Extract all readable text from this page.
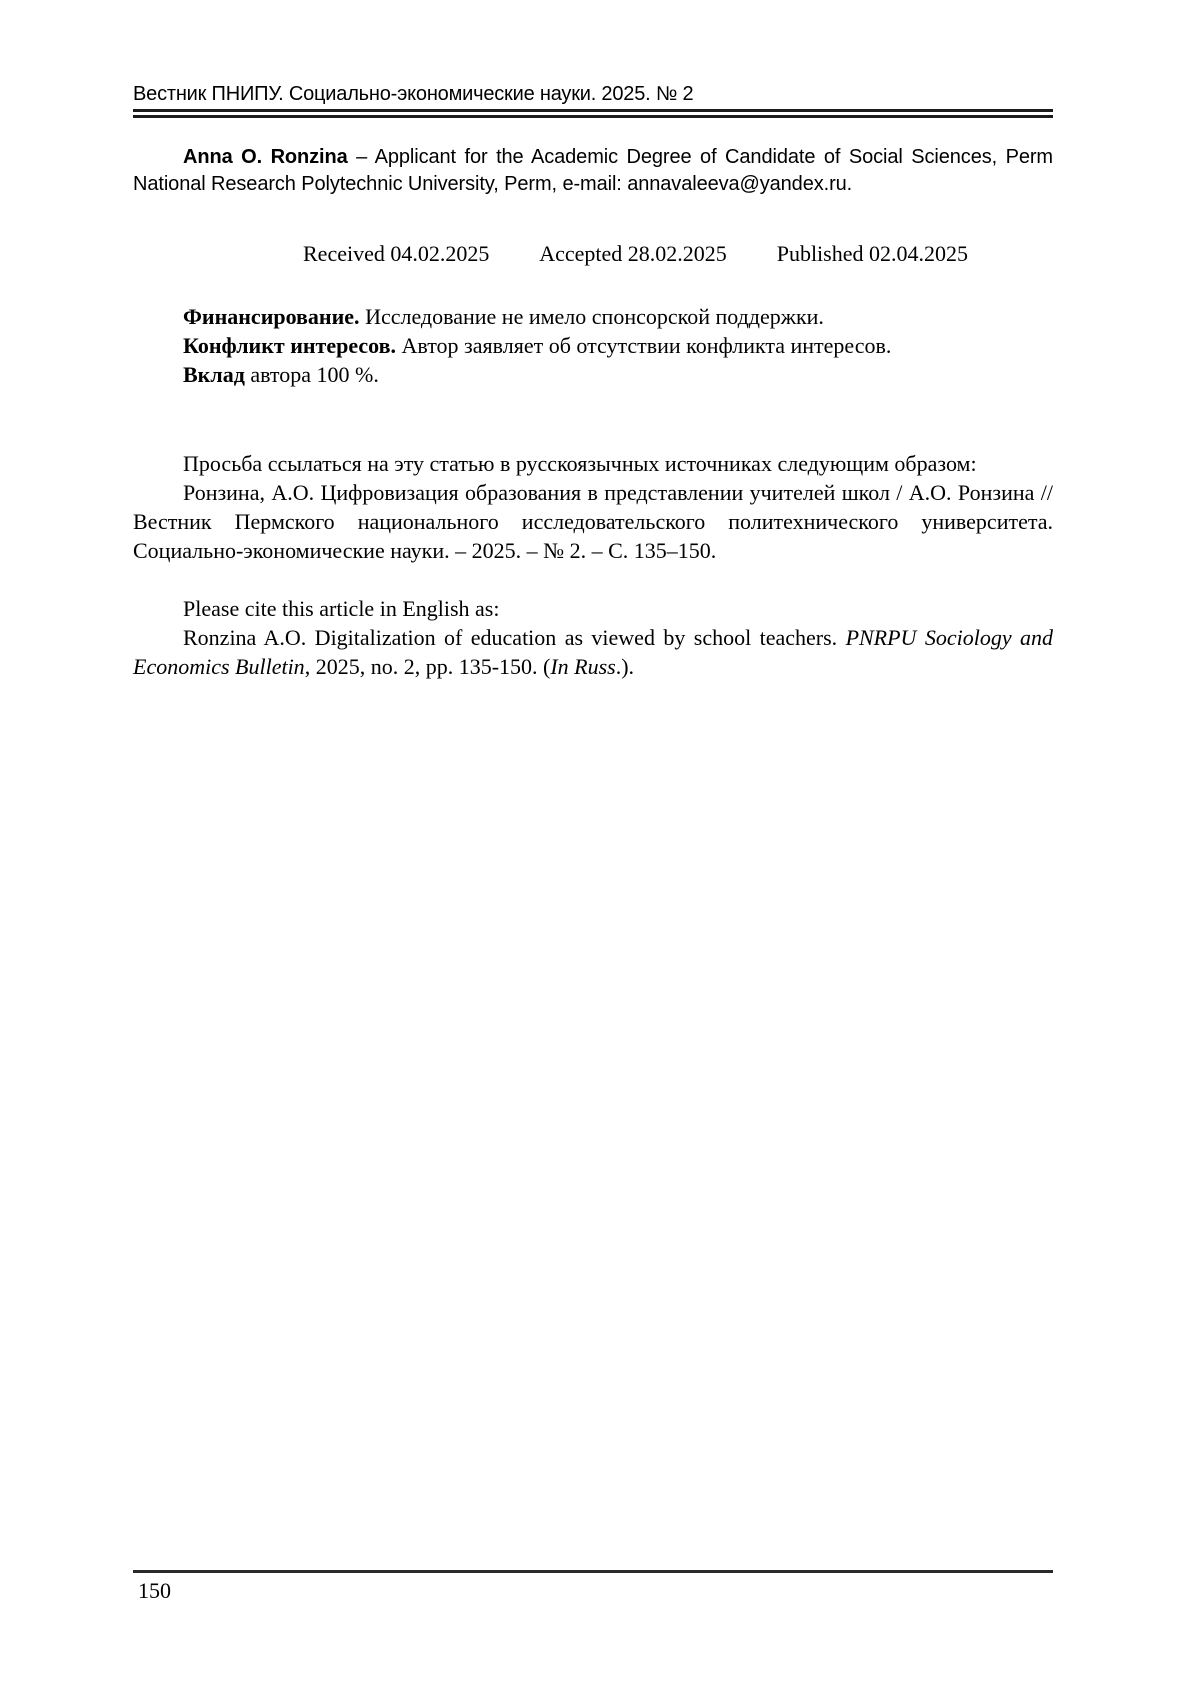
Вестник ПНИПУ. Социально-экономические науки. 2025. № 2

Anna O. Ronzina – Applicant for the Academic Degree of Candidate of Social Sciences, Perm National Research Polytechnic University, Perm, e-mail: annavaleeva@yandex.ru.

Received 04.02.2025 Accepted 28.02.2025 Published 02.04.2025

Финансирование. Исследование не имело спонсорской поддержки.

Конфликт интересов. Автор заявляет об отсутствии конфликта интересов.

Вклад автора 100 %.

Просьба ссылаться на эту статью в русскоязычных источниках следующим образом:

Ронзина, А.О. Цифровизация образования в представлении учителей школ / А.О. Ронзина // Вестник Пермского национального исследовательского политехнического университета. Социально-экономические науки. – 2025. – № 2. – С. 135–150.

Please cite this article in English as:

Ronzina A.O. Digitalization of education as viewed by school teachers. PNRPU Sociology and Economics Bulletin, 2025, no. 2, pp. 135-150. (In Russ.).

150
